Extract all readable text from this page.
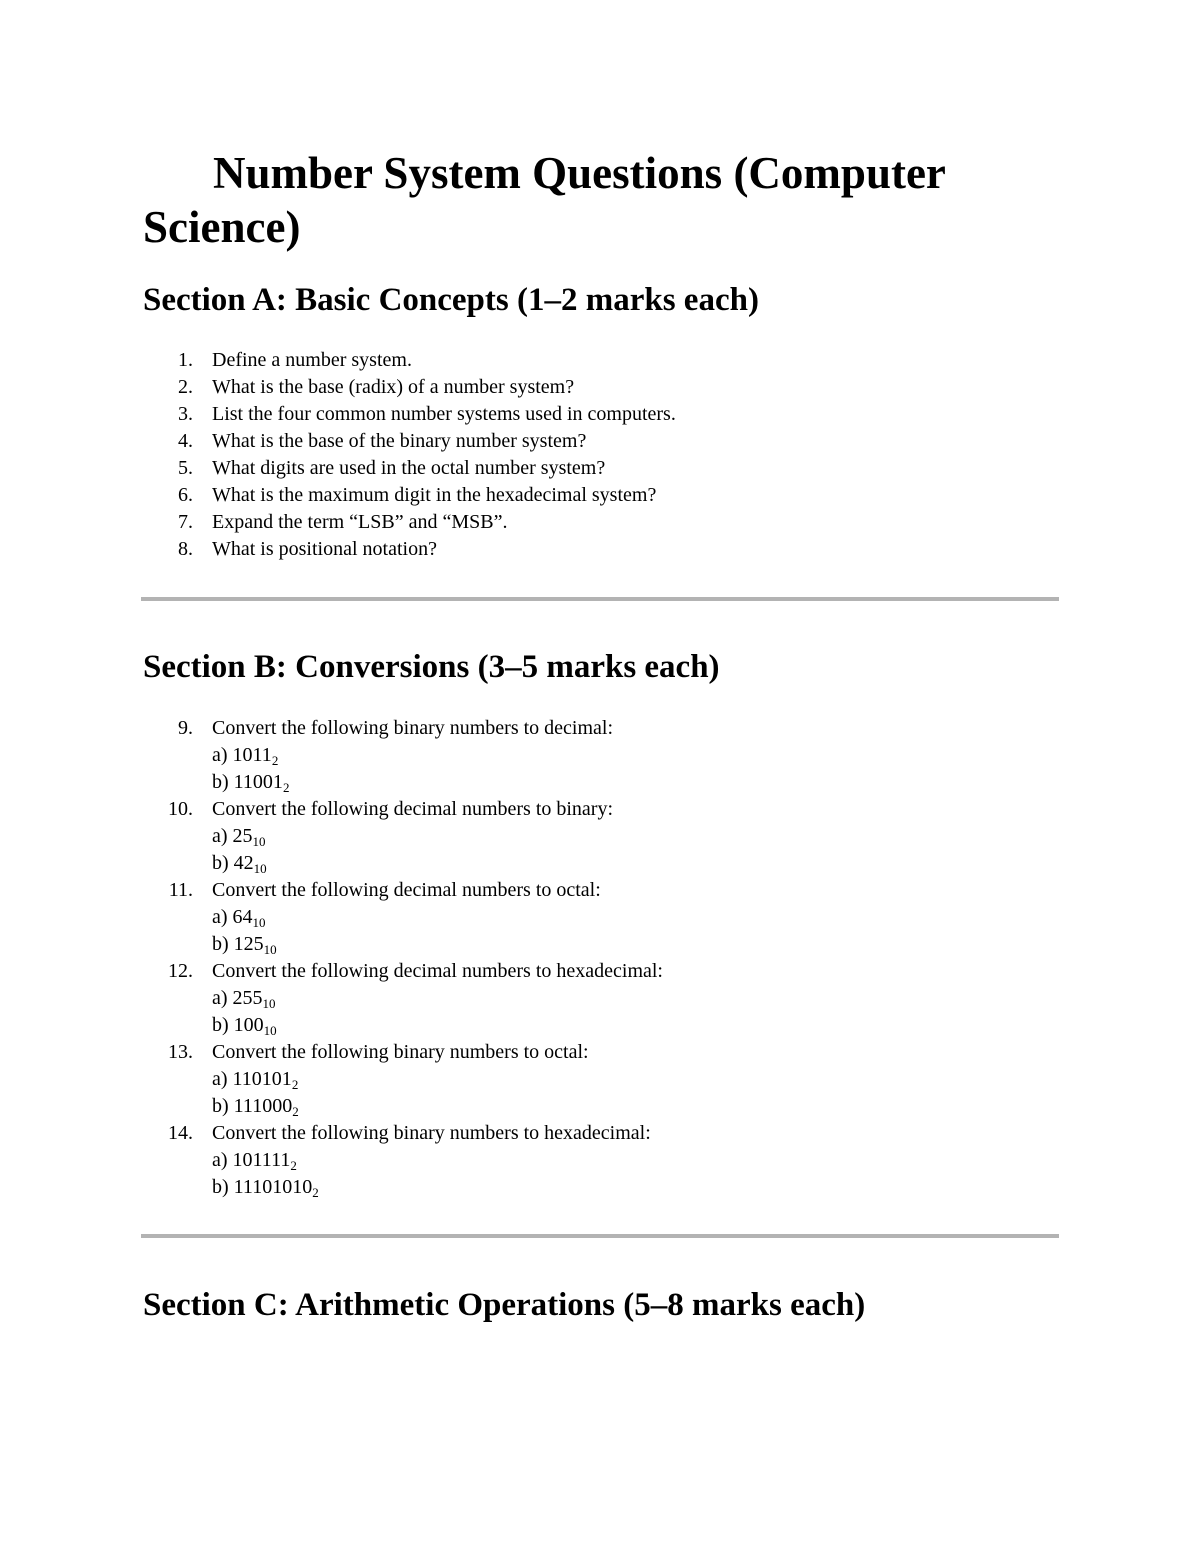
Number System Questions (Computer Science)
Section A: Basic Concepts (1–2 marks each)
1. Define a number system.
2. What is the base (radix) of a number system?
3. List the four common number systems used in computers.
4. What is the base of the binary number system?
5. What digits are used in the octal number system?
6. What is the maximum digit in the hexadecimal system?
7. Expand the term “LSB” and “MSB”.
8. What is positional notation?
Section B: Conversions (3–5 marks each)
9. Convert the following binary numbers to decimal:
a) $1011_2$
b) $11001_2$
10. Convert the following decimal numbers to binary:
a) $25_{10}$
b) $42_{10}$
11. Convert the following decimal numbers to octal:
a) $64_{10}$
b) $125_{10}$
12. Convert the following decimal numbers to hexadecimal:
a) $255_{10}$
b) $100_{10}$
13. Convert the following binary numbers to octal:
a) $110101_2$
b) $111000_2$
14. Convert the following binary numbers to hexadecimal:
a) $101111_2$
b) $11101010_2$
Section C: Arithmetic Operations (5–8 marks each)
